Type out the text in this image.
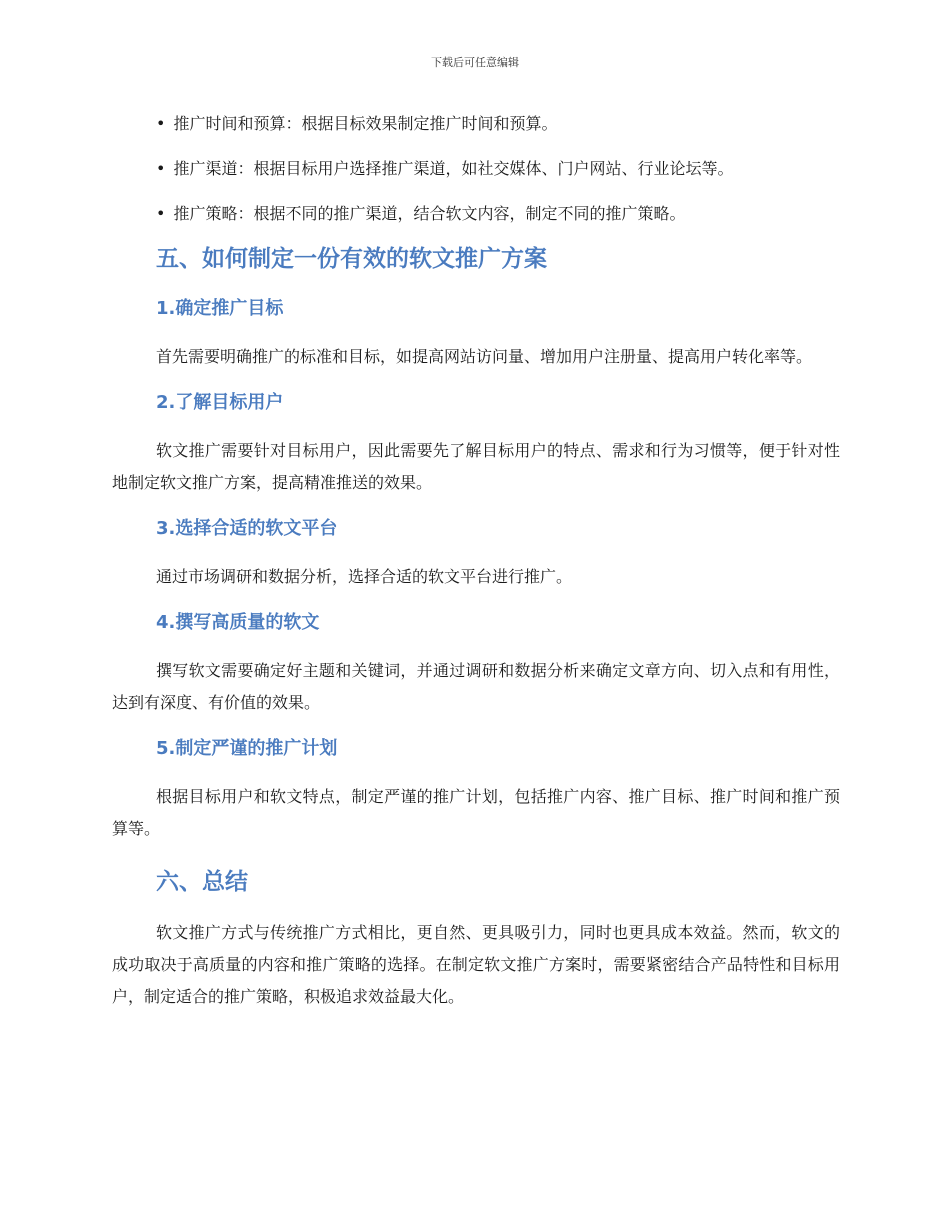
下载后可任意编辑
• 推广时间和预算：根据目标效果制定推广时间和预算。
• 推广渠道：根据目标用户选择推广渠道，如社交媒体、门户网站、行业论坛等。
• 推广策略：根据不同的推广渠道，结合软文内容，制定不同的推广策略。
五、如何制定一份有效的软文推广方案
1.确定推广目标

首先需要明确推广的标准和目标，如提高网站访问量、增加用户注册量、提高用户转化率等。

2.了解目标用户

软文推广需要针对目标用户，因此需要先了解目标用户的特点、需求和行为习惯等，便于针对性地制定软文推广方案，提高精准推送的效果。

3.选择合适的软文平台

通过市场调研和数据分析，选择合适的软文平台进行推广。

4.撰写高质量的软文

撰写软文需要确定好主题和关键词，并通过调研和数据分析来确定文章方向、切入点和有用性，达到有深度、有价值的效果。

5.制定严谨的推广计划

根据目标用户和软文特点，制定严谨的推广计划，包括推广内容、推广目标、推广时间和推广预算等。

六、总结

软文推广方式与传统推广方式相比，更自然、更具吸引力，同时也更具成本效益。然而，软文的成功取决于高质量的内容和推广策略的选择。在制定软文推广方案时，需要紧密结合产品特性和目标用户，制定适合的推广策略，积极追求效益最大化。
